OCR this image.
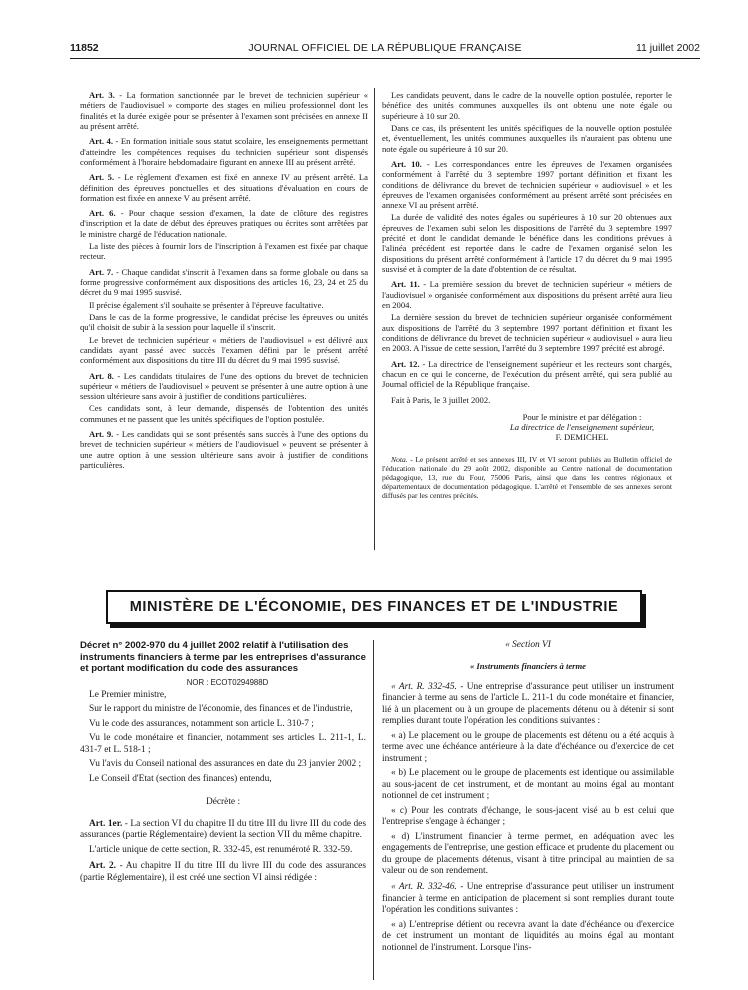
11852	JOURNAL OFFICIEL DE LA RÉPUBLIQUE FRANÇAISE	11 juillet 2002

Art. 3. - La formation sanctionnée par le brevet de technicien supérieur « métiers de l'audiovisuel » comporte des stages en milieu professionnel dont les finalités et la durée exigée pour se présenter à l'examen sont précisées en annexe II au présent arrêté.

Art. 4. - En formation initiale sous statut scolaire, les enseignements permettant d'atteindre les compétences requises du technicien supérieur sont dispensés conformément à l'horaire hebdomadaire figurant en annexe III au présent arrêté.

Art. 5. - Le règlement d'examen est fixé en annexe IV au présent arrêté. La définition des épreuves ponctuelles et des situations d'évaluation en cours de formation est fixée en annexe V au présent arrêté.

Art. 6. - Pour chaque session d'examen, la date de clôture des registres d'inscription et la date de début des épreuves pratiques ou écrites sont arrêtées par le ministre chargé de l'éducation nationale.

La liste des pièces à fournir lors de l'inscription à l'examen est fixée par chaque recteur.

Art. 7. - Chaque candidat s'inscrit à l'examen dans sa forme globale ou dans sa forme progressive conformément aux dispositions des articles 16, 23, 24 et 25 du décret du 9 mai 1995 susvisé.

Il précise également s'il souhaite se présenter à l'épreuve facultative.

Dans le cas de la forme progressive, le candidat précise les épreuves ou unités qu'il choisit de subir à la session pour laquelle il s'inscrit.

Le brevet de technicien supérieur « métiers de l'audiovisuel » est délivré aux candidats ayant passé avec succès l'examen défini par le présent arrêté conformément aux dispositions du titre III du décret du 9 mai 1995 susvisé.

Art. 8. - Les candidats titulaires de l'une des options du brevet de technicien supérieur « métiers de l'audiovisuel » peuvent se présenter à une autre option à une session ultérieure sans avoir à justifier de conditions particulières.

Ces candidats sont, à leur demande, dispensés de l'obtention des unités communes et ne passent que les unités spécifiques de l'option postulée.

Art. 9. - Les candidats qui se sont présentés sans succès à l'une des options du brevet de technicien supérieur « métiers de l'audiovisuel » peuvent se présenter à une autre option à une session ultérieure sans avoir à justifier de conditions particulières.

Les candidats peuvent, dans le cadre de la nouvelle option postulée, reporter le bénéfice des unités communes auxquelles ils ont obtenu une note égale ou supérieure à 10 sur 20.

Dans ce cas, ils présentent les unités spécifiques de la nouvelle option postulée et, éventuellement, les unités communes auxquelles ils n'auraient pas obtenu une note égale ou supérieure à 10 sur 20.

Art. 10. - Les correspondances entre les épreuves de l'examen organisées conformément à l'arrêté du 3 septembre 1997 portant définition et fixant les conditions de délivrance du brevet de technicien supérieur « audiovisuel » et les épreuves de l'examen organisées conformément au présent arrêté sont précisées en annexe VI au présent arrêté.

La durée de validité des notes égales ou supérieures à 10 sur 20 obtenues aux épreuves de l'examen subi selon les dispositions de l'arrêté du 3 septembre 1997 précité et dont le candidat demande le bénéfice dans les conditions prévues à l'alinéa précédent est reportée dans le cadre de l'examen organisé selon les dispositions du présent arrêté conformément à l'article 17 du décret du 9 mai 1995 susvisé et à compter de la date d'obtention de ce résultat.

Art. 11. - La première session du brevet de technicien supérieur « métiers de l'audiovisuel » organisée conformément aux dispositions du présent arrêté aura lieu en 2004.

La dernière session du brevet de technicien supérieur organisée conformément aux dispositions de l'arrêté du 3 septembre 1997 portant définition et fixant les conditions de délivrance du brevet de technicien supérieur « audiovisuel » aura lieu en 2003. A l'issue de cette session, l'arrêté du 3 septembre 1997 précité est abrogé.

Art. 12. - La directrice de l'enseignement supérieur et les recteurs sont chargés, chacun en ce qui le concerne, de l'exécution du présent arrêté, qui sera publié au Journal officiel de la République française.

Fait à Paris, le 3 juillet 2002.

Pour le ministre et par délégation :

La directrice de l'enseignement supérieur,

F. DEMICHEL

Nota. - Le présent arrêté et ses annexes III, IV et VI seront publiés au Bulletin officiel de l'éducation nationale du 29 août 2002, disponible au Centre national de documentation pédagogique, 13, rue du Four, 75006 Paris, ainsi que dans les centres régionaux et départementaux de documentation pédagogique. L'arrêté et l'ensemble de ses annexes seront diffusés par les centres précités.

MINISTÈRE DE L'ÉCONOMIE, DES FINANCES ET DE L'INDUSTRIE

Décret n° 2002-970 du 4 juillet 2002 relatif à l'utilisation des instruments financiers à terme par les entreprises d'assurance et portant modification du code des assurances

NOR : ECOT0294988D

Le Premier ministre,

Sur le rapport du ministre de l'économie, des finances et de l'industrie,

Vu le code des assurances, notamment son article L. 310-7 ;

Vu le code monétaire et financier, notamment ses articles L. 211-1, L. 431-7 et L. 518-1 ;

Vu l'avis du Conseil national des assurances en date du 23 janvier 2002 ;

Le Conseil d'Etat (section des finances) entendu,

Décrète :

Art. 1er. - La section VI du chapitre II du titre III du livre III du code des assurances (partie Réglementaire) devient la section VII du même chapitre.

L'article unique de cette section, R. 332-45, est renuméroté R. 332-59.

Art. 2. - Au chapitre II du titre III du livre III du code des assurances (partie Réglementaire), il est créé une section VI ainsi rédigée :

« Section VI

« Instruments financiers à terme

« Art. R. 332-45. - Une entreprise d'assurance peut utiliser un instrument financier à terme au sens de l'article L. 211-1 du code monétaire et financier, lié à un placement ou à un groupe de placements détenu ou à détenir si sont remplies durant toute l'opération les conditions suivantes :

« a) Le placement ou le groupe de placements est détenu ou a été acquis à terme avec une échéance antérieure à la date d'échéance ou d'exercice de cet instrument ;

« b) Le placement ou le groupe de placements est identique ou assimilable au sous-jacent de cet instrument, et de montant au moins égal au montant notionnel de cet instrument ;

« c) Pour les contrats d'échange, le sous-jacent visé au b est celui que l'entreprise s'engage à échanger ;

« d) L'instrument financier à terme permet, en adéquation avec les engagements de l'entreprise, une gestion efficace et prudente du placement ou du groupe de placements détenus, visant à titre principal au maintien de sa valeur ou de son rendement.

« Art. R. 332-46. - Une entreprise d'assurance peut utiliser un instrument financier à terme en anticipation de placement si sont remplies durant toute l'opération les conditions suivantes :

« a) L'entreprise détient ou recevra avant la date d'échéance ou d'exercice de cet instrument un montant de liquidités au moins égal au montant notionnel de l'instrument. Lorsque l'ins-
